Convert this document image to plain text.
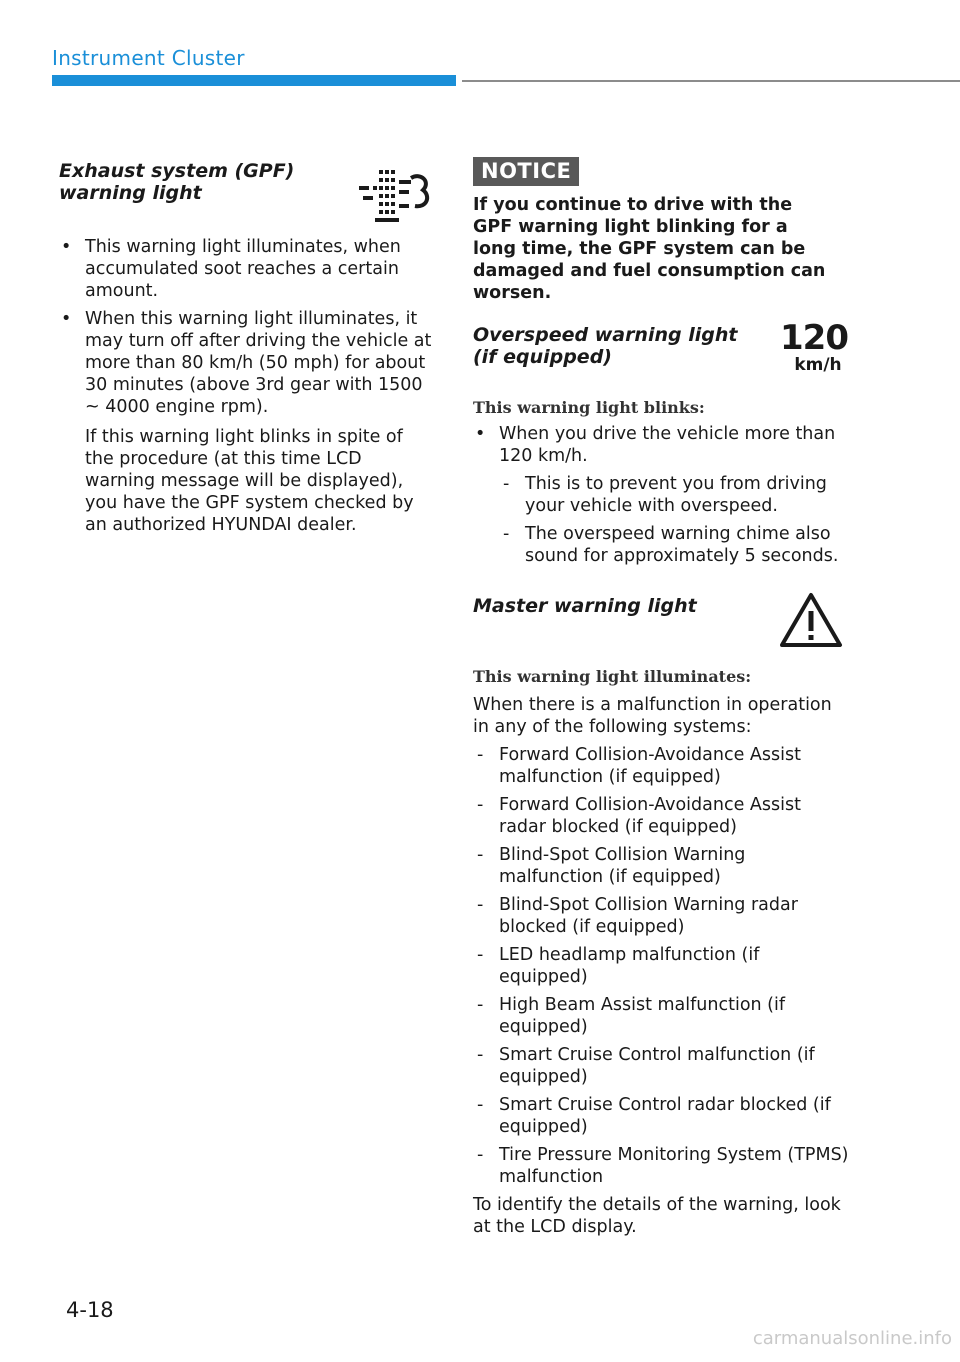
Instrument Cluster
Exhaust system (GPF) warning light
• This warning light illuminates, when accumulated soot reaches a certain amount.
• When this warning light illuminates, it may turn off after driving the vehicle at more than 80 km/h (50 mph) for about 30 minutes (above 3rd gear with 1500 ~ 4000 engine rpm).
If this warning light blinks in spite of the procedure (at this time LCD warning message will be displayed), you have the GPF system checked by an authorized HYUNDAI dealer.
NOTICE
If you continue to drive with the GPF warning light blinking for a long time, the GPF system can be damaged and fuel consumption can worsen.
Overspeed warning light (if equipped)	120
km/h

This warning light blinks:

• When you drive the vehicle more than 120 km/h.
- This is to prevent you from driving your vehicle with overspeed.
- The overspeed warning chime also sound for approximately 5 seconds.
Master warning light

This warning light illuminates:

When there is a malfunction in operation in any of the following systems:

- Forward Collision-Avoidance Assist malfunction (if equipped)
- Forward Collision-Avoidance Assist radar blocked (if equipped)
- Blind-Spot Collision Warning malfunction (if equipped)
- Blind-Spot Collision Warning radar blocked (if equipped)
- LED headlamp malfunction (if equipped)
- High Beam Assist malfunction (if equipped)
- Smart Cruise Control malfunction (if equipped)
- Smart Cruise Control radar blocked (if equipped)
- Tire Pressure Monitoring System (TPMS) malfunction

To identify the details of the warning, look at the LCD display.

4-18
carmanualsonline.info
